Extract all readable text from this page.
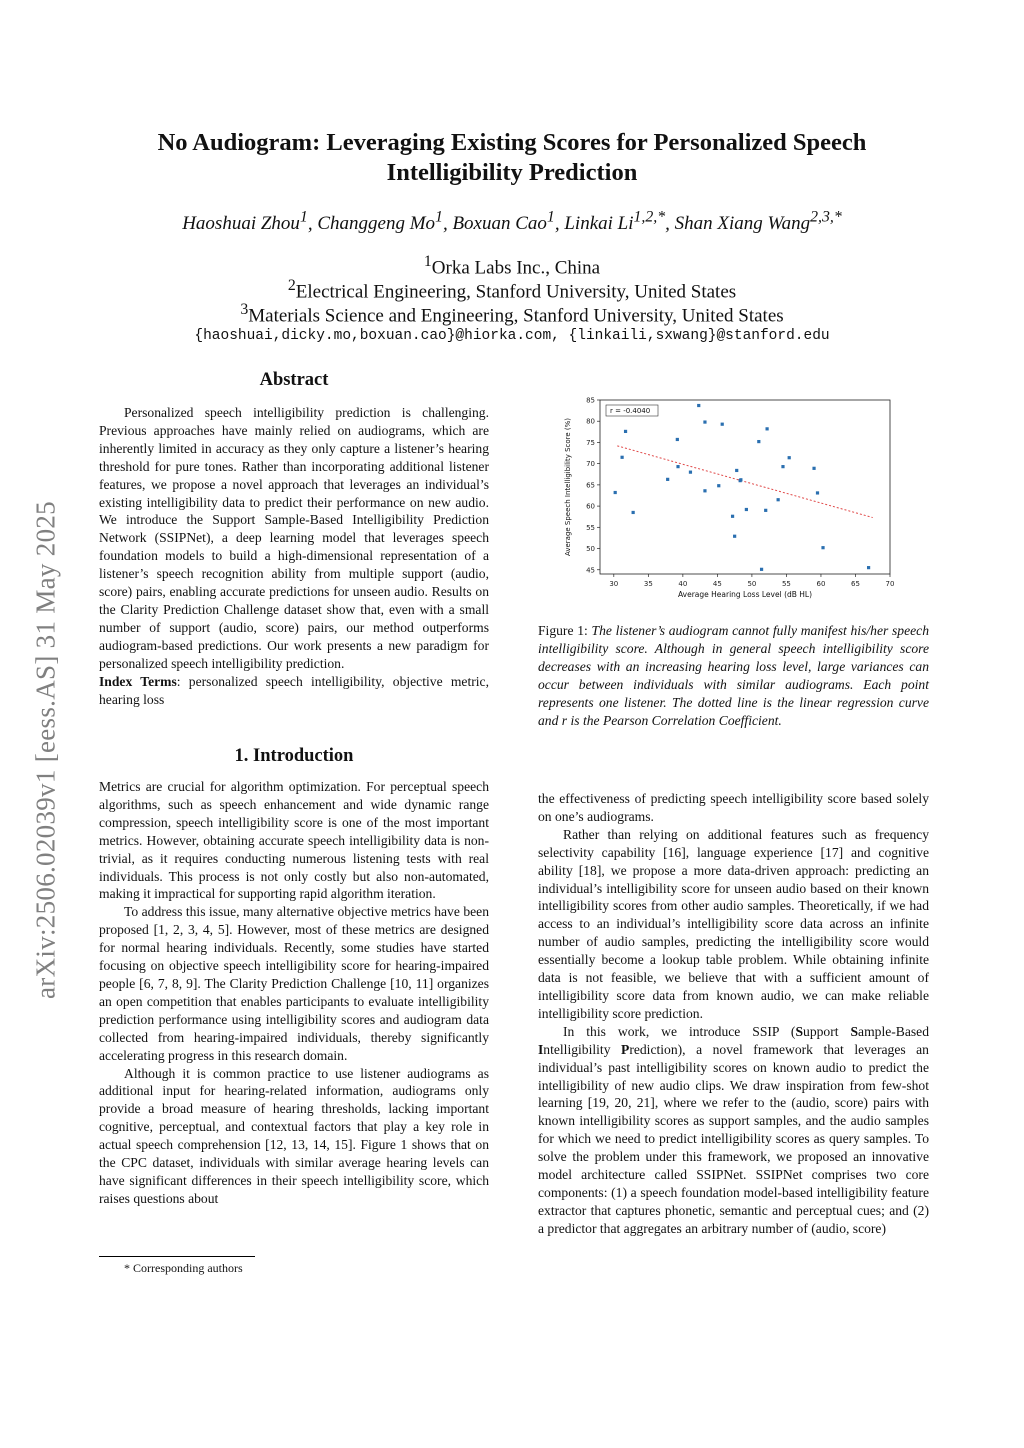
arXiv:2506.02039v1 [eess.AS] 31 May 2025
No Audiogram: Leveraging Existing Scores for Personalized Speech Intelligibility Prediction
Haoshuai Zhou$^1$, Changgeng Mo$^1$, Boxuan Cao$^1$, Linkai $Li^{1,2,*}$, Shan Xiang Wang$^{2,3,*}$
$^1$Orka Labs Inc., China
$^2$Electrical Engineering, Stanford University, United States
$^3$Materials Science and Engineering, Stanford University, United States
{haoshuai,dicky.mo,boxuan.cao}@hiorka.com, {linkaili,sxwang}@stanford.edu
Abstract

Personalized speech intelligibility prediction is challenging. Previous approaches have mainly relied on audiograms, which are inherently limited in accuracy as they only capture a listener’s hearing threshold for pure tones. Rather than incorporating additional listener features, we propose a novel approach that leverages an individual’s existing intelligibility data to predict their performance on new audio. We introduce the Support Sample-Based Intelligibility Prediction Network (SSIPNet), a deep learning model that leverages speech foundation models to build a high-dimensional representation of a listener’s speech recognition ability from multiple support (audio, score) pairs, enabling accurate predictions for unseen audio. Results on the Clarity Prediction Challenge dataset show that, even with a small number of support (audio, score) pairs, our method outperforms audiogram-based predictions. Our work presents a new paradigm for personalized speech intelligibility prediction.

Index Terms: personalized speech intelligibility, objective metric, hearing loss

1. Introduction

Metrics are crucial for algorithm optimization. For perceptual speech algorithms, such as speech enhancement and wide dynamic range compression, speech intelligibility score is one of the most important metrics. However, obtaining accurate speech intelligibility data is non-trivial, as it requires conducting numerous listening tests with real individuals. This process is not only costly but also non-automated, making it impractical for supporting rapid algorithm iteration.

To address this issue, many alternative objective metrics have been proposed [1, 2, 3, 4, 5]. However, most of these metrics are designed for normal hearing individuals. Recently, some studies have started focusing on objective speech intelligibility score for hearing-impaired people [6, 7, 8, 9]. The Clarity Prediction Challenge [10, 11] organizes an open competition that enables participants to evaluate intelligibility prediction performance using intelligibility scores and audiogram data collected from hearing-impaired individuals, thereby significantly accelerating progress in this research domain.

Although it is common practice to use listener audiograms as additional input for hearing-related information, audiograms only provide a broad measure of hearing thresholds, lacking important cognitive, perceptual, and contextual factors that play a key role in actual speech comprehension [12, 13, 14, 15]. Figure 1 shows that on the CPC dataset, individuals with similar average hearing levels can have significant differences in their speech intelligibility score, which raises questions about

* Corresponding authors
30	35	40	45	50	55	60	65	70
45
50
55
60
65
70
75
80
85
r = -0.4040
Average Hearing Loss Level (dB HL)
Average Speech Intelligibility Score (%)
Figure 1: The listener’s audiogram cannot fully manifest his/her speech intelligibility score. Although in general speech intelligibility score decreases with an increasing hearing loss level, large variances can occur between individuals with similar audiograms. Each point represents one listener. The dotted line is the linear regression curve and r is the Pearson Correlation Coefficient.

the effectiveness of predicting speech intelligibility score based solely on one’s audiograms.

Rather than relying on additional features such as frequency selectivity capability [16], language experience [17] and cognitive ability [18], we propose a more data-driven approach: predicting an individual’s intelligibility score for unseen audio based on their known intelligibility scores from other audio samples. Theoretically, if we had access to an individual’s intelligibility score data across an infinite number of audio samples, predicting the intelligibility score would essentially become a lookup table problem. While obtaining infinite data is not feasible, we believe that with a sufficient amount of intelligibility score data from known audio, we can make reliable intelligibility score prediction.

In this work, we introduce SSIP (Support Sample-Based Intelligibility Prediction), a novel framework that leverages an individual’s past intelligibility scores on known audio to predict the intelligibility of new audio clips. We draw inspiration from few-shot learning [19, 20, 21], where we refer to the (audio, score) pairs with known intelligibility scores as support samples, and the audio samples for which we need to predict intelligibility scores as query samples. To solve the problem under this framework, we proposed an innovative model architecture called SSIPNet. SSIPNet comprises two core components: (1) a speech foundation model-based intelligibility feature extractor that captures phonetic, semantic and perceptual cues; and (2) a predictor that aggregates an arbitrary number of (audio, score)
